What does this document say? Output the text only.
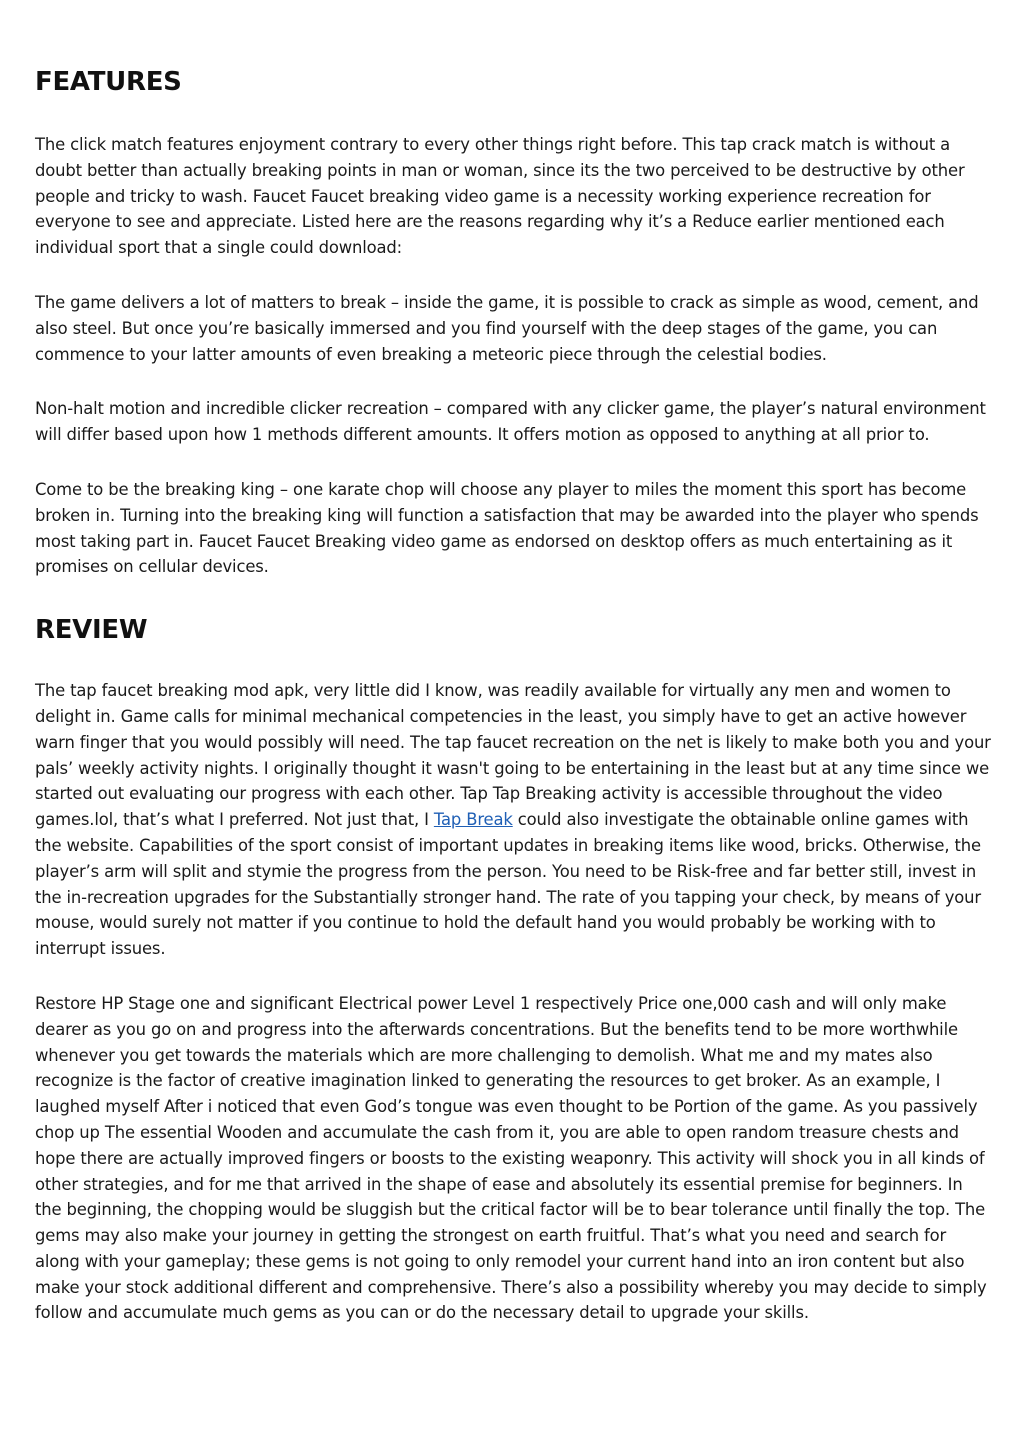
FEATURES

The click match features enjoyment contrary to every other things right before. This tap crack match is without a doubt better than actually breaking points in man or woman, since its the two perceived to be destructive by other people and tricky to wash. Faucet Faucet breaking video game is a necessity working experience recreation for everyone to see and appreciate. Listed here are the reasons regarding why it’s a Reduce earlier mentioned each individual sport that a single could download:

The game delivers a lot of matters to break – inside the game, it is possible to crack as simple as wood, cement, and also steel. But once you’re basically immersed and you find yourself with the deep stages of the game, you can commence to your latter amounts of even breaking a meteoric piece through the celestial bodies.

Non-halt motion and incredible clicker recreation – compared with any clicker game, the player’s natural environment will differ based upon how 1 methods different amounts. It offers motion as opposed to anything at all prior to.

Come to be the breaking king – one karate chop will choose any player to miles the moment this sport has become broken in. Turning into the breaking king will function a satisfaction that may be awarded into the player who spends most taking part in. Faucet Faucet Breaking video game as endorsed on desktop offers as much entertaining as it promises on cellular devices.

REVIEW

The tap faucet breaking mod apk, very little did I know, was readily available for virtually any men and women to delight in. Game calls for minimal mechanical competencies in the least, you simply have to get an active however warn finger that you would possibly will need. The tap faucet recreation on the net is likely to make both you and your pals’ weekly activity nights. I originally thought it wasn't going to be entertaining in the least but at any time since we started out evaluating our progress with each other. Tap Tap Breaking activity is accessible throughout the video games.lol, that’s what I preferred. Not just that, I Tap Break could also investigate the obtainable online games with the website. Capabilities of the sport consist of important updates in breaking items like wood, bricks. Otherwise, the player’s arm will split and stymie the progress from the person. You need to be Risk-free and far better still, invest in the in-recreation upgrades for the Substantially stronger hand. The rate of you tapping your check, by means of your mouse, would surely not matter if you continue to hold the default hand you would probably be working with to interrupt issues.

Restore HP Stage one and significant Electrical power Level 1 respectively Price one,000 cash and will only make dearer as you go on and progress into the afterwards concentrations. But the benefits tend to be more worthwhile whenever you get towards the materials which are more challenging to demolish. What me and my mates also recognize is the factor of creative imagination linked to generating the resources to get broker. As an example, I laughed myself After i noticed that even God’s tongue was even thought to be Portion of the game. As you passively chop up The essential Wooden and accumulate the cash from it, you are able to open random treasure chests and hope there are actually improved fingers or boosts to the existing weaponry. This activity will shock you in all kinds of other strategies, and for me that arrived in the shape of ease and absolutely its essential premise for beginners. In the beginning, the chopping would be sluggish but the critical factor will be to bear tolerance until finally the top. The gems may also make your journey in getting the strongest on earth fruitful. That’s what you need and search for along with your gameplay; these gems is not going to only remodel your current hand into an iron content but also make your stock additional different and comprehensive. There’s also a possibility whereby you may decide to simply follow and accumulate much gems as you can or do the necessary detail to upgrade your skills.
